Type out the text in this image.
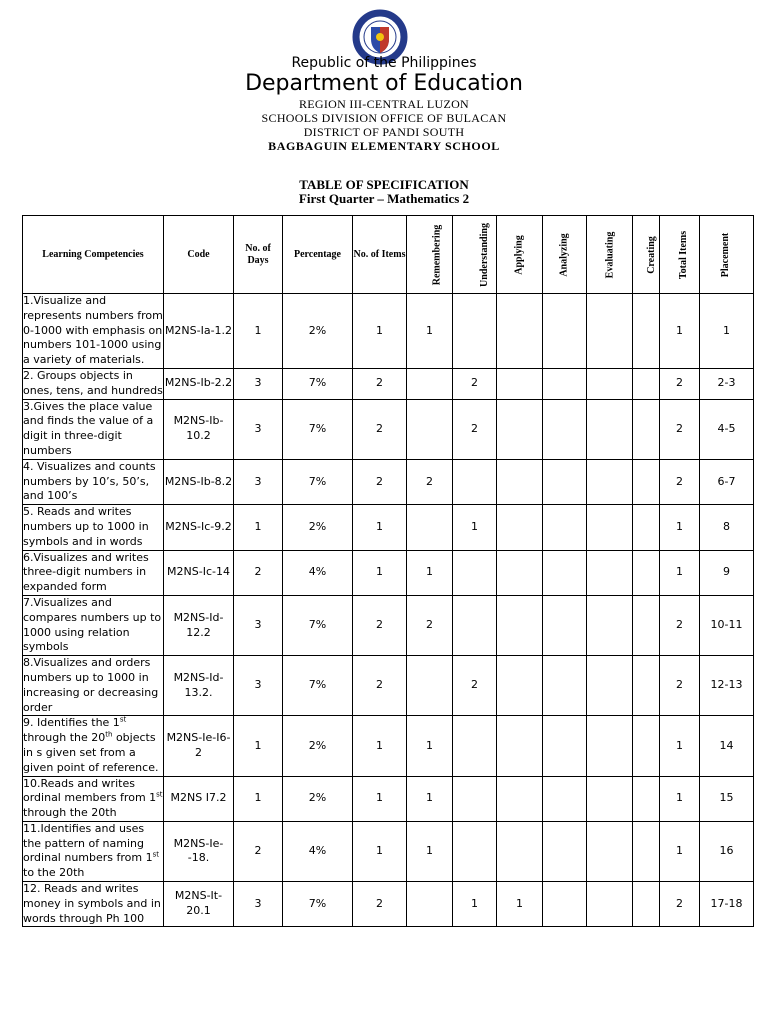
Republic of the Philippines
Department of Education
REGION III-CENTRAL LUZON
SCHOOLS DIVISION OFFICE OF BULACAN
DISTRICT OF PANDI SOUTH
BAGBAGUIN ELEMENTARY SCHOOL
TABLE OF SPECIFICATION
First Quarter – Mathematics 2
Learning Competencies	Code	No. of Days	Percentage	No. of Items	Remembering	Understanding	Applying	Analyzing	Evaluating	Creating	Total Items	Placement
1.Visualize and represents numbers from 0-1000 with emphasis on numbers 101-1000 using a variety of materials.	M2NS-Ia-1.2	1	2%	1	1						1	1
2. Groups objects in ones, tens, and hundreds	M2NS-Ib-2.2	3	7%	2		2					2	2-3
3.Gives the place value and finds the value of a digit in three-digit numbers	M2NS-Ib-10.2	3	7%	2		2					2	4-5
4. Visualizes and counts numbers by 10’s, 50’s, and 100’s	M2NS-Ib-8.2	3	7%	2	2						2	6-7
5. Reads and writes numbers up to 1000 in symbols and in words	M2NS-Ic-9.2	1	2%	1		1					1	8
6.Visualizes and writes three-digit numbers in expanded form	M2NS-Ic-14	2	4%	1	1						1	9
7.Visualizes and compares numbers up to 1000 using relation symbols	M2NS-Id-12.2	3	7%	2	2						2	10-11
8.Visualizes and orders numbers up to 1000 in increasing or decreasing order	M2NS-Id-13.2.	3	7%	2		2					2	12-13
9. Identifies the 1st through the 20th objects in s given set from a given point of reference.	M2NS-Ie-I6-2	1	2%	1	1						1	14
10.Reads and writes ordinal members from 1st through the 20th	M2NS I7.2	1	2%	1	1						1	15
11.Identifies and uses the pattern of naming ordinal numbers from 1st to the 20th	M2NS-Ie--18.	2	4%	1	1						1	16
12. Reads and writes money in symbols and in words through Ph 100	M2NS-It-20.1	3	7%	2		1	1				2	17-18
